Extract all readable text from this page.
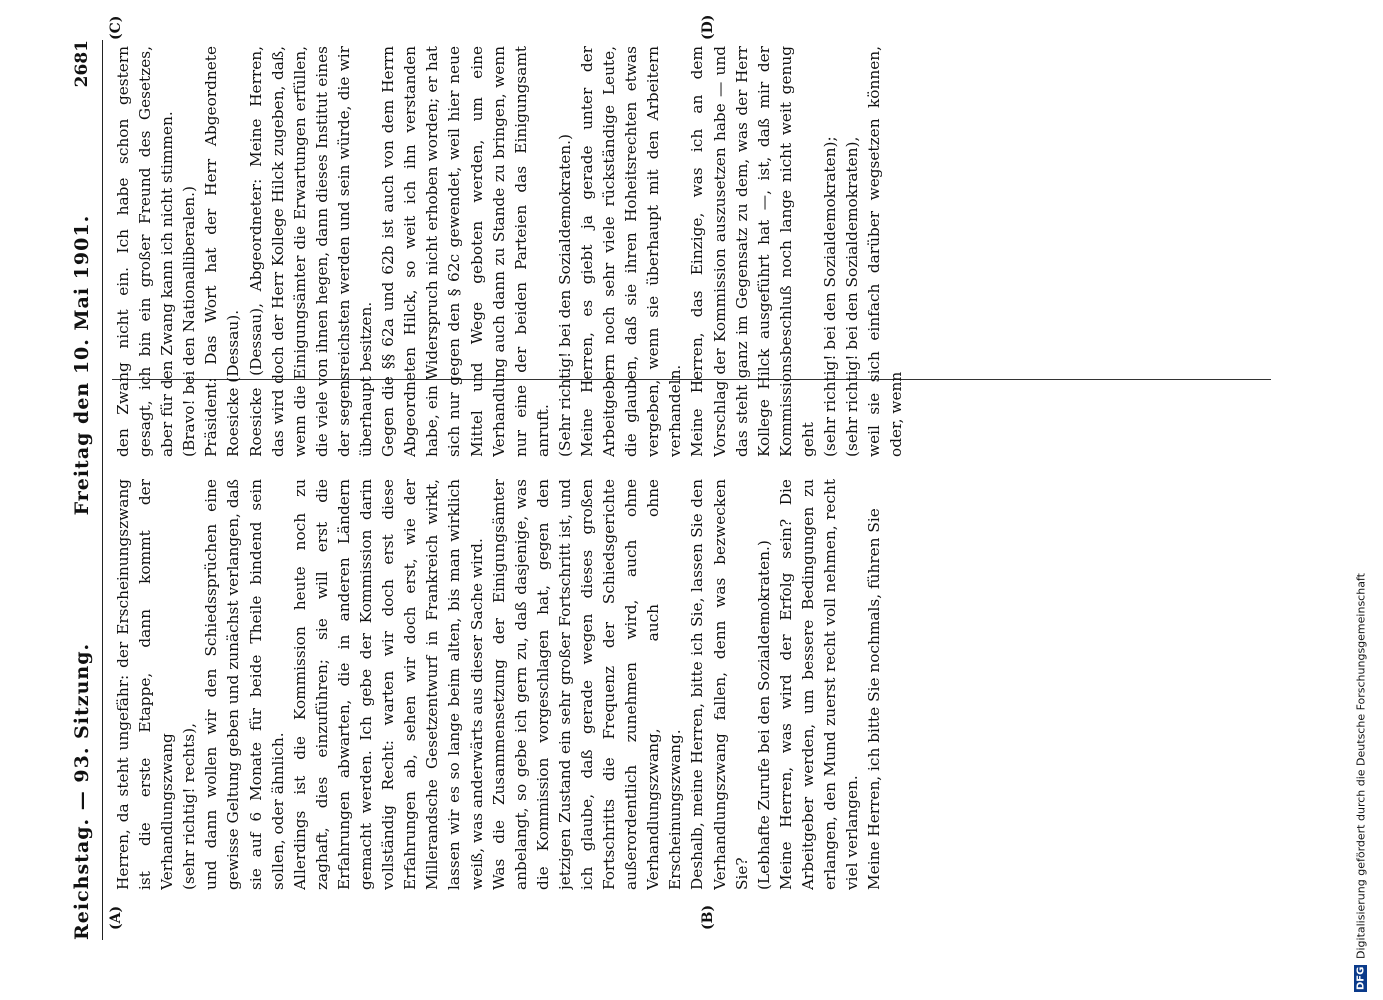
Reichstag. — 93. Sitzung.
Freitag den 10. Mai 1901.
2681
(A)	(B)
(C)	(D)

Herren, da steht ungefähr: der Erscheinungszwang ist die erste Etappe, dann kommt der Verhandlungszwang (sehr richtig! rechts), und dann wollen wir den Schiedssprüchen eine gewisse Geltung geben und zunächst verlangen, daß sie auf 6 Monate für beide Theile bindend sein sollen, oder ähnlich. Allerdings ist die Kommission heute noch zu zaghaft, dies einzuführen; sie will erst die Erfahrungen abwarten, die in anderen Ländern gemacht werden. Ich gebe der Kommission darin vollständig Recht: warten wir doch erst diese Erfahrungen ab, sehen wir doch erst, wie der Millerandsche Gesetzentwurf in Frankreich wirkt, lassen wir es so lange beim alten, bis man wirklich weiß, was anderwärts aus dieser Sache wird. Was die Zusammensetzung der Einigungsämter anbelangt, so gebe ich gern zu, daß dasjenige, was die Kommission vorgeschlagen hat, gegen den jetzigen Zustand ein sehr großer Fortschritt ist, und ich glaube, daß gerade wegen dieses großen Fortschritts die Frequenz der Schiedsgerichte außerordentlich zunehmen wird, auch ohne Verhandlungszwang, auch ohne Erscheinungszwang. Deshalb, meine Herren, bitte ich Sie, lassen Sie den Verhandlungszwang fallen, denn was bezwecken Sie? (Lebhafte Zurufe bei den Sozialdemokraten.) Meine Herren, was wird der Erfolg sein? Die Arbeitgeber werden, um bessere Bedingungen zu erlangen, den Mund zuerst recht voll nehmen, recht viel verlangen. Meine Herren, ich bitte Sie nochmals, führen Sie

den Zwang nicht ein. Ich habe schon gestern gesagt, ich bin ein großer Freund des Gesetzes, aber für den Zwang kann ich nicht stimmen. (Bravo! bei den Nationalliberalen.) Präsident: Das Wort hat der Herr Abgeordnete Roesicke (Dessau). Roesicke (Dessau), Abgeordneter: Meine Herren, das wird doch der Herr Kollege Hilck zugeben, daß, wenn die Einigungsämter die Erwartungen erfüllen, die viele von ihnen hegen, dann dieses Institut eines der segensreichsten werden und sein würde, die wir überhaupt besitzen. Gegen die §§ 62a und 62b ist auch von dem Herrn Abgeordneten Hilck, so weit ich ihn verstanden habe, ein Widerspruch nicht erhoben worden; er hat sich nur gegen den § 62c gewendet, weil hier neue Mittel und Wege geboten werden, um eine Verhandlung auch dann zu Stande zu bringen, wenn nur eine der beiden Parteien das Einigungsamt anruft. (Sehr richtig! bei den Sozialdemokraten.) Meine Herren, es giebt ja gerade unter der Arbeitgebern noch sehr viele rückständige Leute, die glauben, daß sie ihren Hoheitsrechten etwas vergeben, wenn sie überhaupt mit den Arbeitern verhandeln. Meine Herren, das Einzige, was ich an dem Vorschlag der Kommission auszusetzen habe — und das steht ganz im Gegensatz zu dem, was der Herr Kollege Hilck ausgeführt hat —, ist, daß mir der Kommissionsbeschluß noch lange nicht weit genug geht (sehr richtig! bei den Sozialdemokraten); (sehr richtig! bei den Sozialdemokraten), weil sie sich einfach darüber wegsetzen können, oder, wenn

DFG
Digitalisierung gefördert durch die Deutsche Forschungsgemeinschaft
